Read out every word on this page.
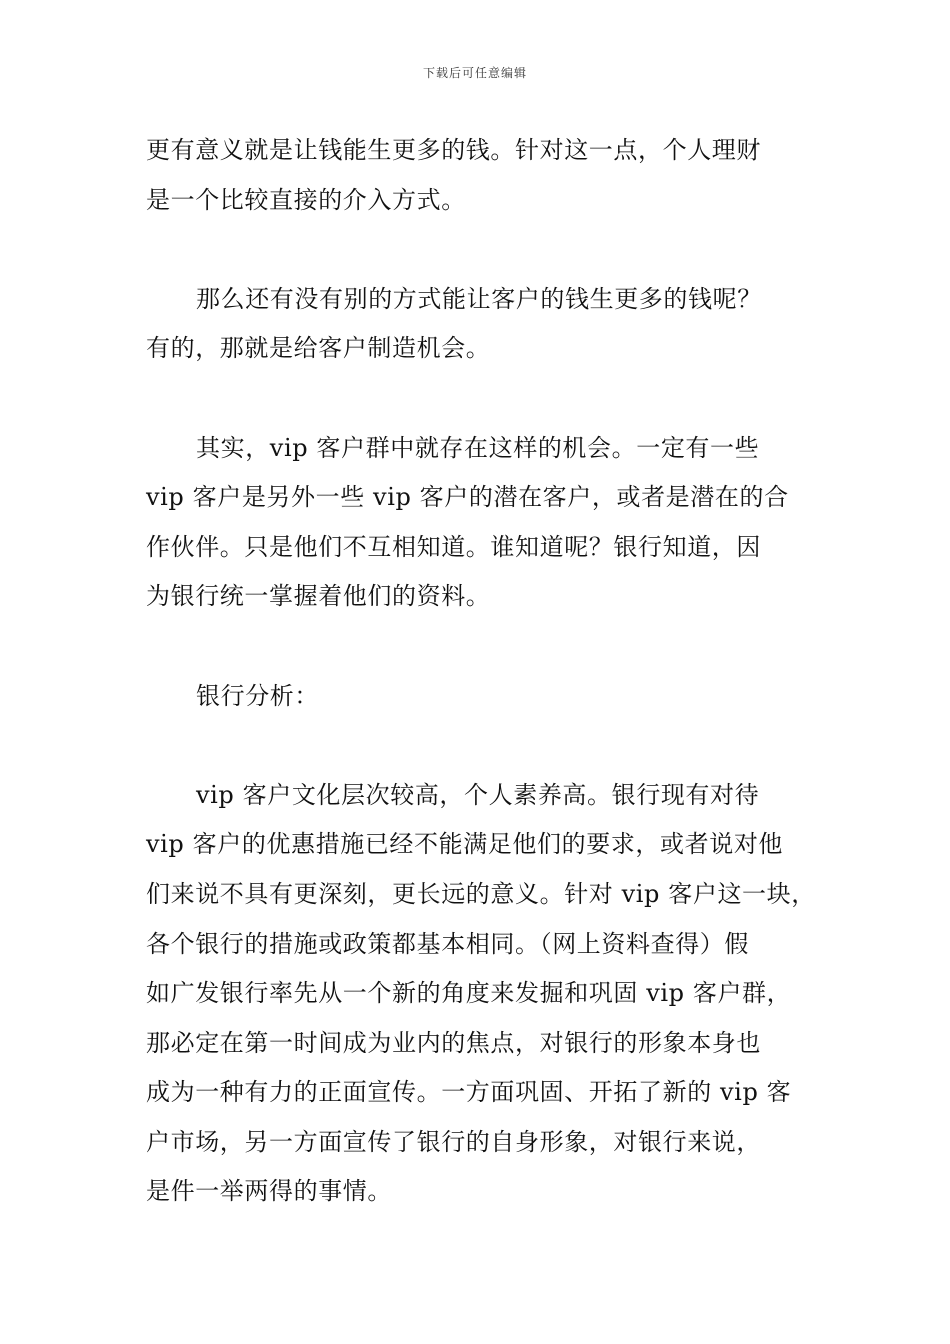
下载后可任意编辑
更有意义就是让钱能生更多的钱。针对这一点，个人理财
是一个比较直接的介入方式。
那么还有没有别的方式能让客户的钱生更多的钱呢？
有的，那就是给客户制造机会。
其实，vip 客户群中就存在这样的机会。一定有一些
vip 客户是另外一些 vip 客户的潜在客户，或者是潜在的合
作伙伴。只是他们不互相知道。谁知道呢？银行知道，因
为银行统一掌握着他们的资料。
银行分析：
vip 客户文化层次较高，个人素养高。银行现有对待
vip 客户的优惠措施已经不能满足他们的要求，或者说对他
们来说不具有更深刻，更长远的意义。针对 vip 客户这一块，
各个银行的措施或政策都基本相同。（网上资料查得）假
如广发银行率先从一个新的角度来发掘和巩固 vip 客户群，
那必定在第一时间成为业内的焦点，对银行的形象本身也
成为一种有力的正面宣传。一方面巩固、开拓了新的 vip 客
户市场，另一方面宣传了银行的自身形象，对银行来说，
是件一举两得的事情。
